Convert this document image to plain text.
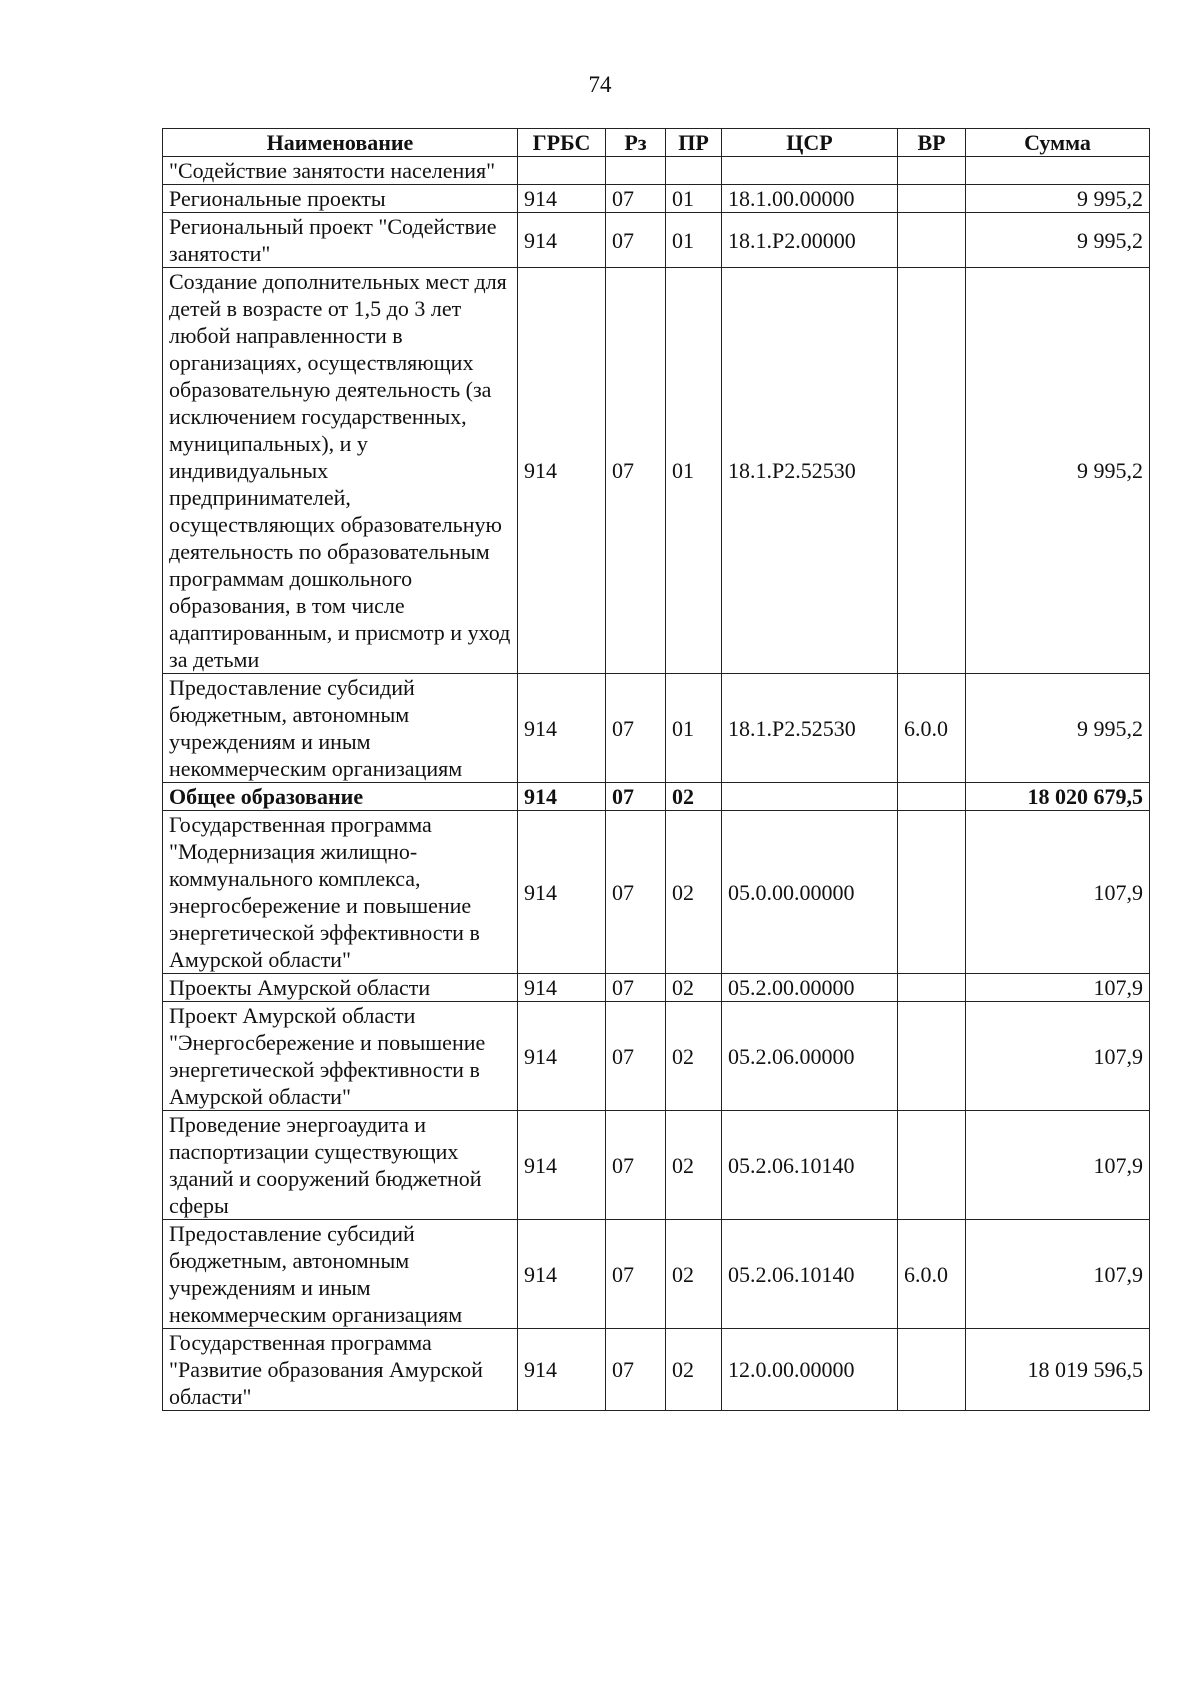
74
Наименование	ГРБС	Рз	ПР	ЦСР	ВР	Сумма
"Содействие занятости населения"						
Региональные проекты	914	07	01	18.1.00.00000		9 995,2
Региональный проект "Содействие занятости"	914	07	01	18.1.P2.00000		9 995,2
Создание дополнительных мест для детей в возрасте от 1,5 до 3 лет любой направленности в организациях, осуществляющих образовательную деятельность (за исключением государственных, муниципальных), и у индивидуальных предпринимателей, осуществляющих образовательную деятельность по образовательным программам дошкольного образования, в том числе адаптированным, и присмотр и уход за детьми	914	07	01	18.1.P2.52530		9 995,2
Предоставление субсидий бюджетным, автономным учреждениям и иным некоммерческим организациям	914	07	01	18.1.P2.52530	6.0.0	9 995,2
Общее образование	914	07	02			18 020 679,5
Государственная программа "Модернизация жилищно-коммунального комплекса, энергосбережение и повышение энергетической эффективности в Амурской области"	914	07	02	05.0.00.00000		107,9
Проекты Амурской области	914	07	02	05.2.00.00000		107,9
Проект Амурской области "Энергосбережение и повышение энергетической эффективности в Амурской области"	914	07	02	05.2.06.00000		107,9
Проведение энергоаудита и паспортизации существующих зданий и сооружений бюджетной сферы	914	07	02	05.2.06.10140		107,9
Предоставление субсидий бюджетным, автономным учреждениям и иным некоммерческим организациям	914	07	02	05.2.06.10140	6.0.0	107,9
Государственная программа "Развитие образования Амурской области"	914	07	02	12.0.00.00000		18 019 596,5
